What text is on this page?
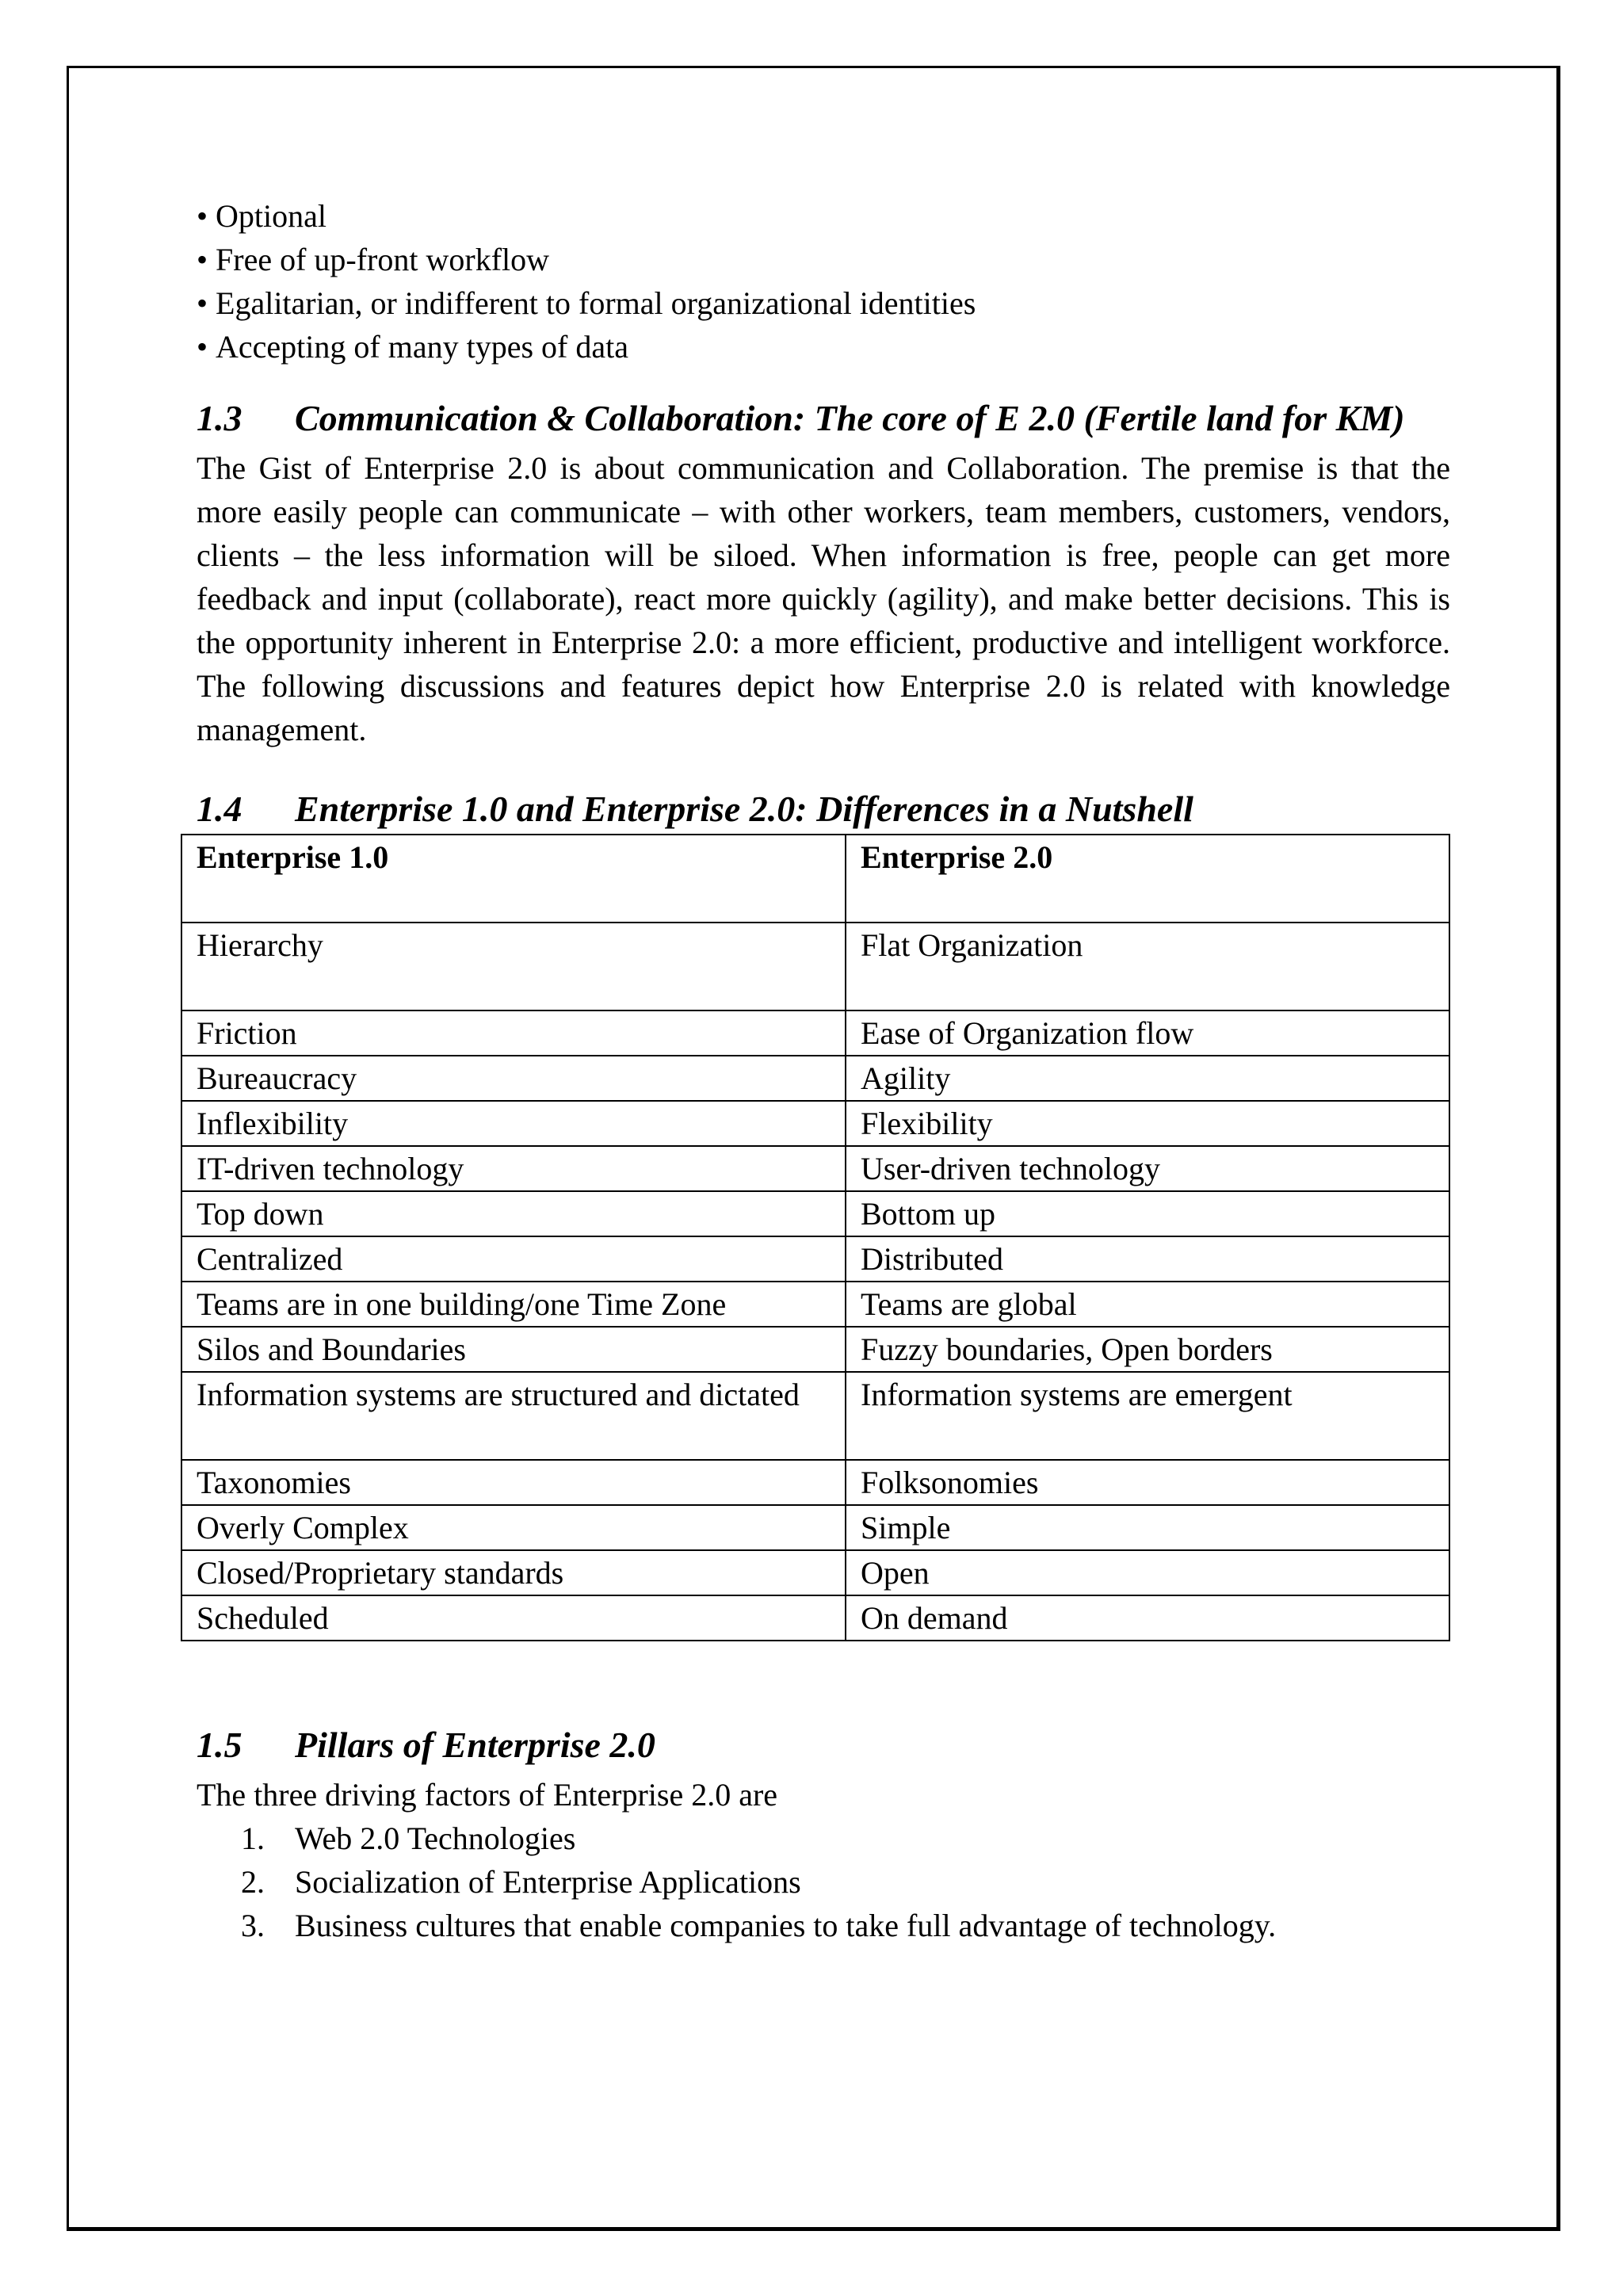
• Optional
• Free of up-front workflow
• Egalitarian, or indifferent to formal organizational identities
• Accepting of many types of data
1.3 Communication & Collaboration: The core of E 2.0 (Fertile land for KM)

The Gist of Enterprise 2.0 is about communication and Collaboration. The premise is that the more easily people can communicate – with other workers, team members, customers, vendors, clients – the less information will be siloed. When information is free, people can get more feedback and input (collaborate), react more quickly (agility), and make better decisions. This is the opportunity inherent in Enterprise 2.0: a more efficient, productive and intelligent workforce. The following discussions and features depict how Enterprise 2.0 is related with knowledge management.

1.4 Enterprise 1.0 and Enterprise 2.0: Differences in a Nutshell
Enterprise 1.0	Enterprise 2.0
Hierarchy	Flat Organization
Friction	Ease of Organization flow
Bureaucracy	Agility
Inflexibility	Flexibility
IT-driven technology	User-driven technology
Top down	Bottom up
Centralized	Distributed
Teams are in one building/one Time Zone	Teams are global
Silos and Boundaries	Fuzzy boundaries, Open borders
Information systems are structured and dictated	Information systems are emergent
Taxonomies	Folksonomies
Overly Complex	Simple
Closed/Proprietary standards	Open
Scheduled	On demand
1.5 Pillars of Enterprise 2.0

The three driving factors of Enterprise 2.0 are

1. Web 2.0 Technologies
2. Socialization of Enterprise Applications
3. Business cultures that enable companies to take full advantage of technology.
